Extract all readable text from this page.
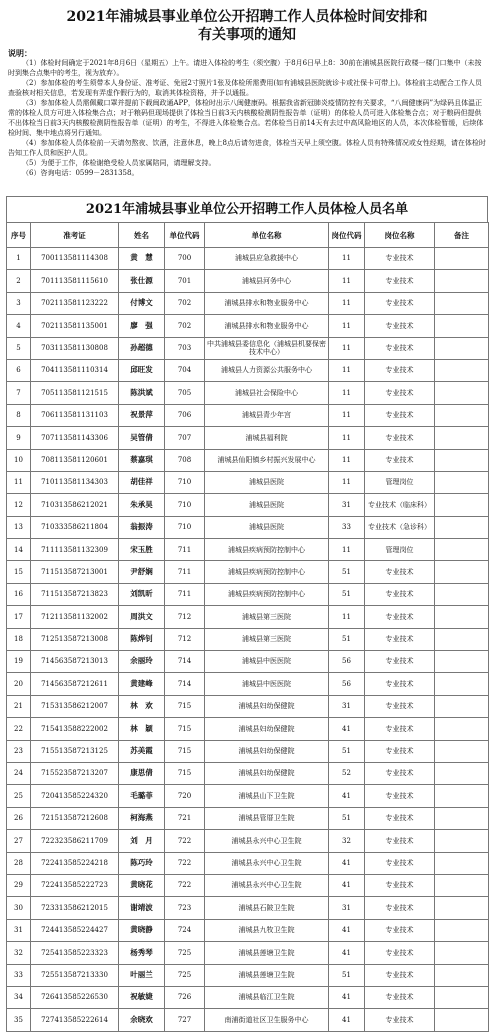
2021年浦城县事业单位公开招聘工作人员体检时间安排和
有关事项的通知
说明：

（1）体检时间确定于2021年8月6日（星期五）上午。请进入体检的考生（须空腹）于8月6日早上8：30前在浦城县医院行政楼一楼门口集中（未按时到集合点集中的考生，视为放弃）。

（2）参加体检的考生须带本人身份证、准考证、免冠2寸照片1张及体检所需费用(如有浦城县医院就诊卡或社保卡可带上)。体检前主动配合工作人员查验核对相关信息，若发现有弄虚作假行为的，取消其体检资格，并予以通报。

（3）参加体检人员需佩戴口罩并提前下载闽政通APP，体检时出示八闽健康码。根据我省新冠肺炎疫情防控有关要求，“八闽健康码”为绿码且体温正常的体检人员方可进入体检集合点；对于粮码但现场提供了体检当日前3天内核酸检测阴性报告单（证明）的体检人员可进入体检集合点；对于粮码但提供不出体检当日前3天内核酸检测阴性报告单（证明）的考生，不得进入体检集合点。若体检当日前14天有去过中高风险地区的人员，本次体检暂缓，后续体检时间、集中地点将另行通知。

（4）参加体检人员体检前一天请勿熬夜、饮酒，注意休息，晚上8点后请勿进食，体检当天早上须空腹。体检人员有特殊情况或女性经期，请在体检时告知工作人员和医护人员。

（5）为便于工作，体检谢绝受检人员家属陪同，请理解支持。

（6）咨询电话：0599－2831358。

2021年浦城县事业单位公开招聘工作人员体检人员名单
序号	准考证	姓名	单位代码	单位名称	岗位代码	岗位名称	备注
1	700113581114308	黄　慧	700	浦城县应急救援中心	11	专业技术	
2	701113581115610	张仕源	701	浦城县河务中心	11	专业技术	
3	702113581123222	付博文	702	浦城县排水和物业服务中心	11	专业技术	
4	702113581135001	廖　强	702	浦城县排水和物业服务中心	11	专业技术	
5	703113581130808	孙超德	703	中共浦城县委信息化（浦城县机要保密技术中心）	11	专业技术	
6	704113581110314	邱旺发	704	浦城县人力资源公共服务中心	11	专业技术	
7	705113581121515	陈洪斌	705	浦城县社会保险中心	11	专业技术	
8	706113581131103	祝景萍	706	浦城县青少年宫	11	专业技术	
9	707113581143306	吴管倩	707	浦城县福利院	11	专业技术	
10	708113581120601	蔡嘉琪	708	浦城县仙阳镇乡村振兴发展中心	11	专业技术	
11	710113581134303	胡佳祥	710	浦城县医院	11	管理岗位	
12	710313586212021	朱承昊	710	浦城县医院	31	专业技术（临床科）	
13	710333586211804	翁振涛	710	浦城县医院	33	专业技术（急诊科）	
14	711113581132309	宋玉胜	711	浦城县疾病预防控制中心	11	管理岗位	
15	711513587213001	尹舒娴	711	浦城县疾病预防控制中心	51	专业技术	
16	711513587213823	刘凯昕	711	浦城县疾病预防控制中心	51	专业技术	
17	712113581132002	周洪文	712	浦城县第三医院	11	专业技术	
18	712513587213008	陈烨钊	712	浦城县第三医院	51	专业技术	
19	714563587213013	余丽玲	714	浦城县中医医院	56	专业技术	
20	714563587212611	黄建峰	714	浦城县中医医院	56	专业技术	
21	715313586212007	林　欢	715	浦城县妇幼保健院	31	专业技术	
22	715413588222002	林　颖	715	浦城县妇幼保健院	41	专业技术	
23	715513587213125	苏美霞	715	浦城县妇幼保健院	51	专业技术	
24	715523587213207	康思倩	715	浦城县妇幼保健院	52	专业技术	
25	720413585224320	毛璐菲	720	浦城县山下卫生院	41	专业技术	
26	721513587212608	柯海燕	721	浦城县管厝卫生院	51	专业技术	
27	722323586211709	刘　月	722	浦城县永兴中心卫生院	32	专业技术	
28	722413585224218	陈巧玲	722	浦城县永兴中心卫生院	41	专业技术	
29	722413585222723	黄晓花	722	浦城县永兴中心卫生院	41	专业技术	
30	723313586212015	谢靖波	723	浦城县石陂卫生院	31	专业技术	
31	724413585224427	黄晓静	724	浦城县九牧卫生院	41	专业技术	
32	725413585223323	杨秀琴	725	浦城县莲塘卫生院	41	专业技术	
33	725513587213330	叶丽兰	725	浦城县莲塘卫生院	51	专业技术	
34	726413585226530	祝敏婕	726	浦城县临江卫生院	41	专业技术	
35	727413585222614	余晓欢	727	南浦街道社区卫生服务中心	41	专业技术	
